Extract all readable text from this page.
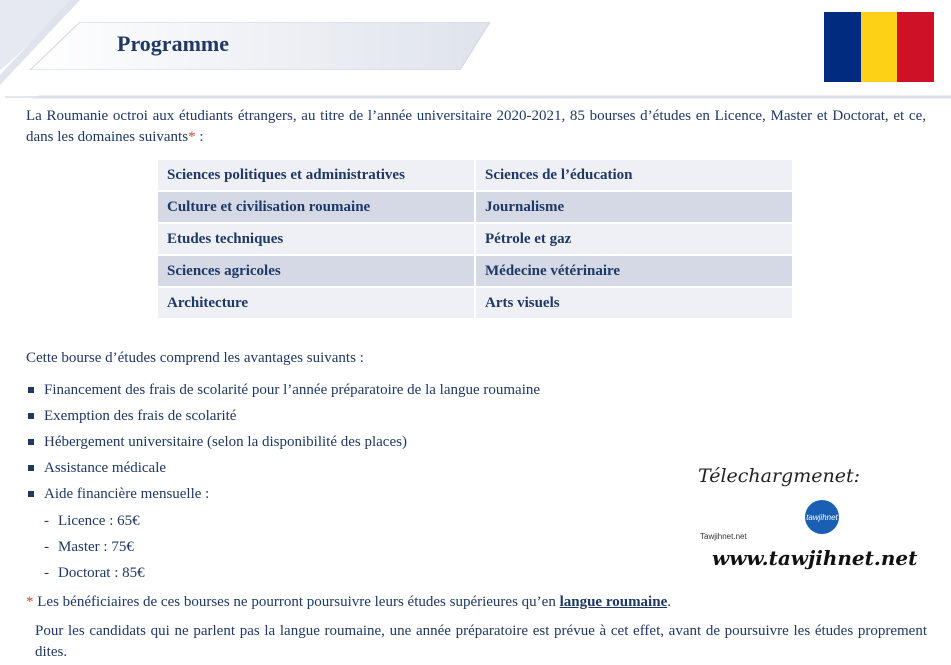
Programme
La Roumanie octroi aux étudiants étrangers, au titre de l’année universitaire 2020-2021, 85 bourses d’études en Licence, Master et Doctorat, et ce, dans les domaines suivants* :
Sciences politiques et administratives	Sciences de l’éducation
Culture et civilisation roumaine	Journalisme
Etudes techniques	Pétrole et gaz
Sciences agricoles	Médecine vétérinaire
Architecture	Arts visuels
Cette bourse d’études comprend les avantages suivants :
Financement des frais de scolarité pour l’année préparatoire de la langue roumaine
Exemption des frais de scolarité
Hébergement universitaire (selon la disponibilité des places)
Assistance médicale
Aide financière mensuelle :
- Licence : 65€
- Master : 75€
- Doctorat : 85€
* Les bénéficiaires de ces bourses ne pourront poursuivre leurs études supérieures qu’en langue roumaine.
Pour les candidats qui ne parlent pas la langue roumaine, une année préparatoire est prévue à cet effet, avant de poursuivre les études proprement dites.
Télechargmenet:
tawjihnet
Tawjihnet.net
www.tawjihnet.net
